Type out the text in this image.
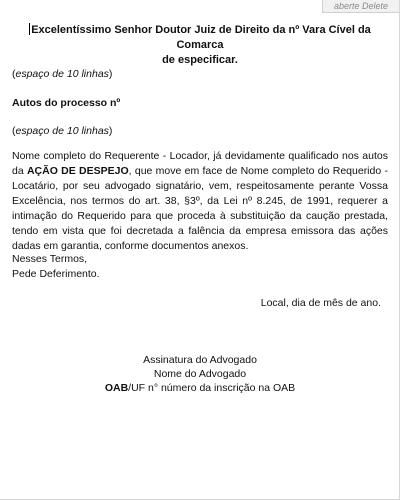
aberte Delete
Excelentíssimo Senhor Doutor Juiz de Direito da nº Vara Cível da Comarca
de especificar.
(espaço de 10 linhas)
Autos do processo nº
(espaço de 10 linhas)
Nome completo do Requerente - Locador, já devidamente qualificado nos autos da AÇÃO DE DESPEJO, que move em face de Nome completo do Requerido - Locatário, por seu advogado signatário, vem, respeitosamente perante Vossa Excelência, nos termos do art. 38, §3º, da Lei nº 8.245, de 1991, requerer a intimação do Requerido para que proceda à substituição da caução prestada, tendo em vista que foi decretada a falência da empresa emissora das ações dadas em garantia, conforme documentos anexos.
Nesses Termos,
Pede Deferimento.
Local, dia de mês de ano.
Assinatura do Advogado
Nome do Advogado
OAB/UF n° número da inscrição na OAB
